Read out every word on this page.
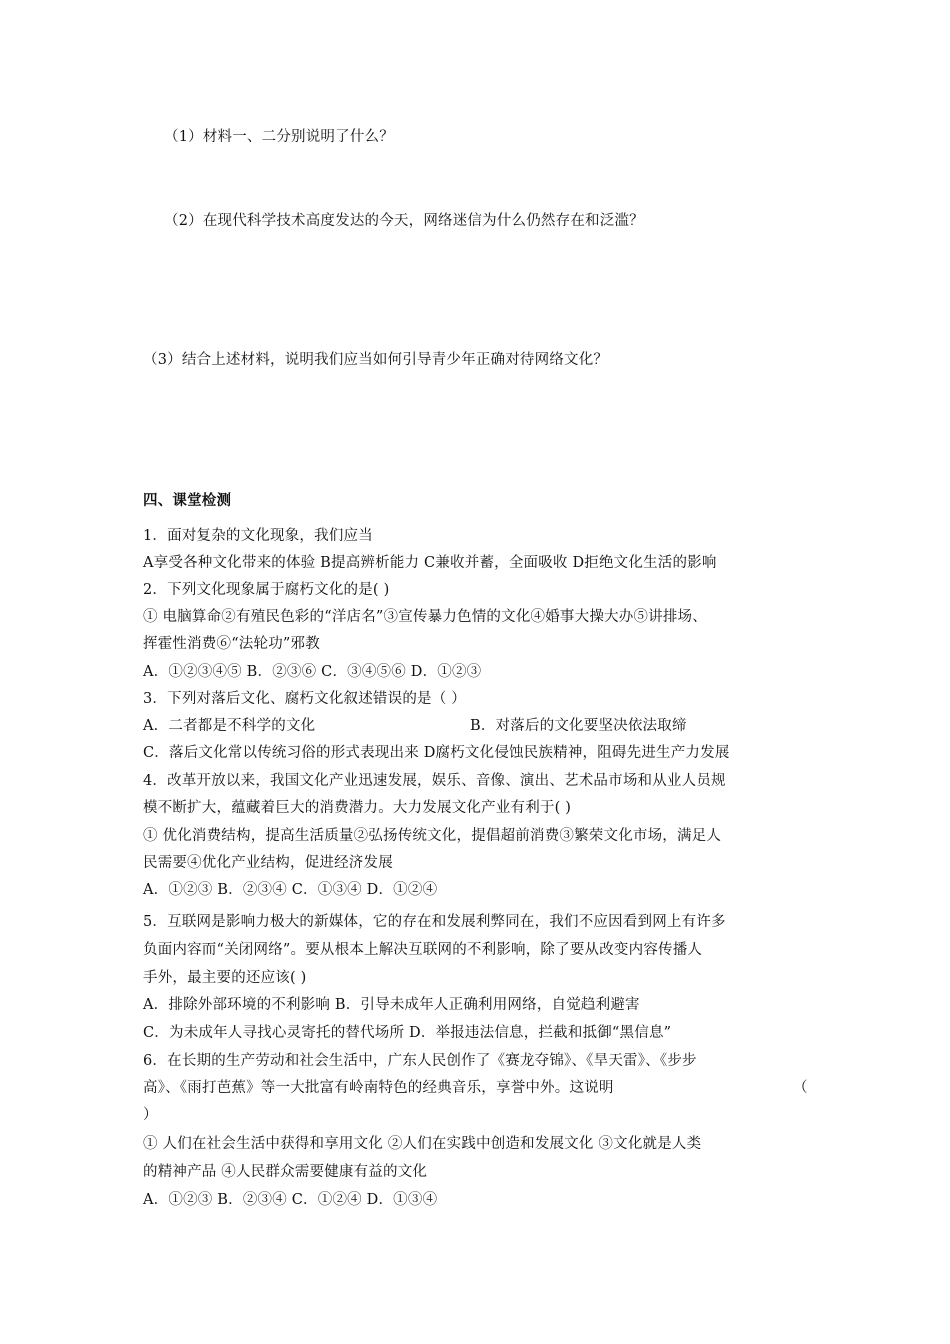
（1）材料一、二分别说明了什么？
（2）在现代科学技术高度发达的今天，网络迷信为什么仍然存在和泛滥？
（3）结合上述材料，说明我们应当如何引导青少年正确对待网络文化？
四、课堂检测
1．面对复杂的文化现象，我们应当
A享受各种文化带来的体验 B提高辨析能力 C兼收并蓄，全面吸收 D拒绝文化生活的影响
2．下列文化现象属于腐朽文化的是( )
① 电脑算命②有殖民色彩的“洋店名”③宣传暴力色情的文化④婚事大操大办⑤讲排场、
挥霍性消费⑥“法轮功”邪教
A．①②③④⑤ B．②③⑥ C．③④⑤⑥ D．①②③
3．下列对落后文化、腐朽文化叙述错误的是（ ）
A．二者都是不科学的文化	B．对落后的文化要坚决依法取缔
C．落后文化常以传统习俗的形式表现出来 D腐朽文化侵蚀民族精神，阻碍先进生产力发展
4．改革开放以来，我国文化产业迅速发展，娱乐、音像、演出、艺术品市场和从业人员规
模不断扩大，蕴藏着巨大的消费潜力。大力发展文化产业有利于( )
① 优化消费结构，提高生活质量②弘扬传统文化，提倡超前消费③繁荣文化市场，满足人
民需要④优化产业结构，促进经济发展
A．①②③ B．②③④ C．①③④ D．①②④
5．互联网是影响力极大的新媒体，它的存在和发展利弊同在，我们不应因看到网上有许多
负面内容而“关闭网络”。要从根本上解决互联网的不利影响，除了要从改变内容传播人
手外，最主要的还应该( )
A．排除外部环境的不利影响 B．引导未成年人正确利用网络，自觉趋利避害
C．为未成年人寻找心灵寄托的替代场所 D．举报违法信息，拦截和抵御“黑信息”
6．在长期的生产劳动和社会生活中，广东人民创作了《赛龙夺锦》、《旱天雷》、《步步
高》、《雨打芭蕉》等一大批富有岭南特色的经典音乐，享誉中外。这说明	（
）
① 人们在社会生活中获得和享用文化 ②人们在实践中创造和发展文化 ③文化就是人类
的精神产品 ④人民群众需要健康有益的文化
A．①②③ B．②③④ C．①②④ D．①③④
